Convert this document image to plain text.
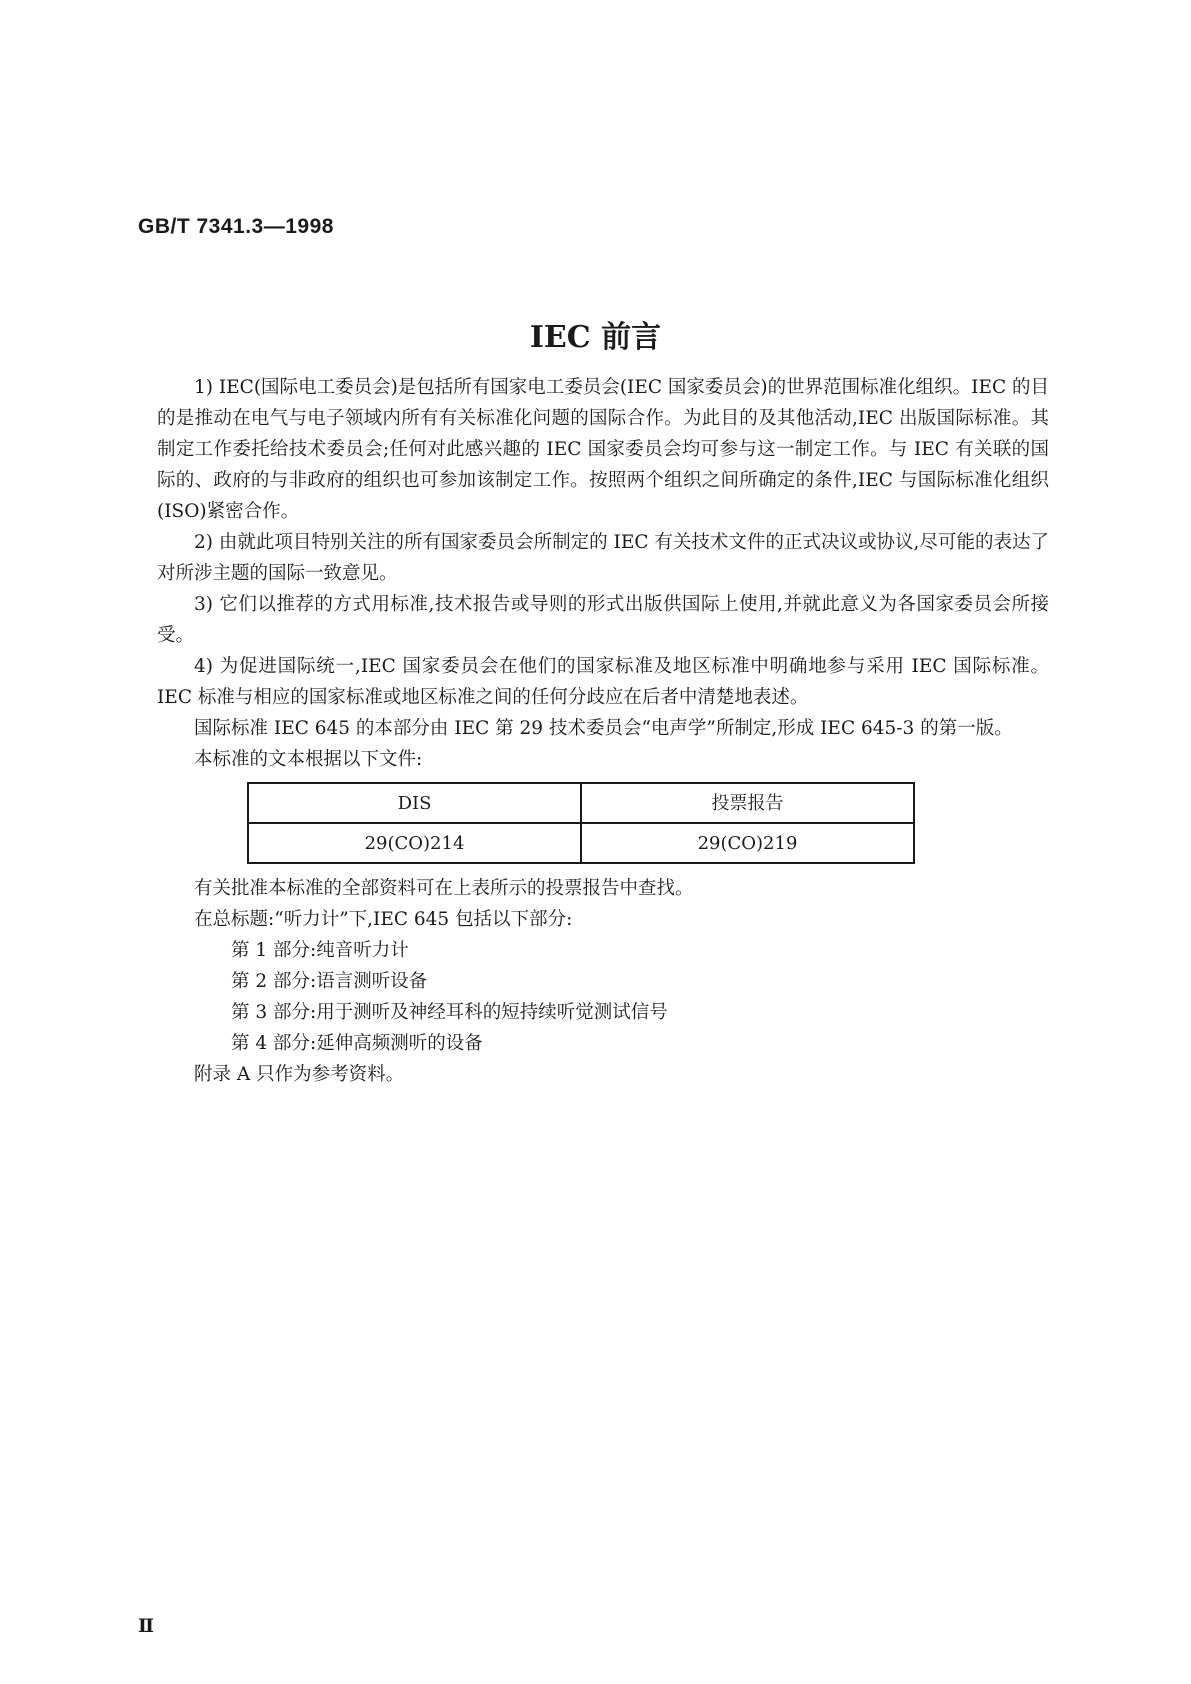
GB/T 7341.3—1998
IEC 前言

1) IEC(国际电工委员会)是包括所有国家电工委员会(IEC 国家委员会)的世界范围标准化组织。IEC 的目的是推动在电气与电子领域内所有有关标准化问题的国际合作。为此目的及其他活动,IEC 出版国际标准。其制定工作委托给技术委员会;任何对此感兴趣的 IEC 国家委员会均可参与这一制定工作。与 IEC 有关联的国际的、政府的与非政府的组织也可参加该制定工作。按照两个组织之间所确定的条件,IEC 与国际标准化组织(ISO)紧密合作。

2) 由就此项目特别关注的所有国家委员会所制定的 IEC 有关技术文件的正式决议或协议,尽可能的表达了对所涉主题的国际一致意见。

3) 它们以推荐的方式用标准,技术报告或导则的形式出版供国际上使用,并就此意义为各国家委员会所接受。

4) 为促进国际统一,IEC 国家委员会在他们的国家标准及地区标准中明确地参与采用 IEC 国际标准。IEC 标准与相应的国家标准或地区标准之间的任何分歧应在后者中清楚地表述。

国际标准 IEC 645 的本部分由 IEC 第 29 技术委员会“电声学”所制定,形成 IEC 645-3 的第一版。

本标准的文本根据以下文件:

DIS	投票报告
29(CO)214	29(CO)219

有关批准本标准的全部资料可在上表所示的投票报告中查找。

在总标题:“听力计”下,IEC 645 包括以下部分:

第 1 部分:纯音听力计

第 2 部分:语言测听设备

第 3 部分:用于测听及神经耳科的短持续听觉测试信号

第 4 部分:延伸高频测听的设备

附录 A 只作为参考资料。

Ⅱ
